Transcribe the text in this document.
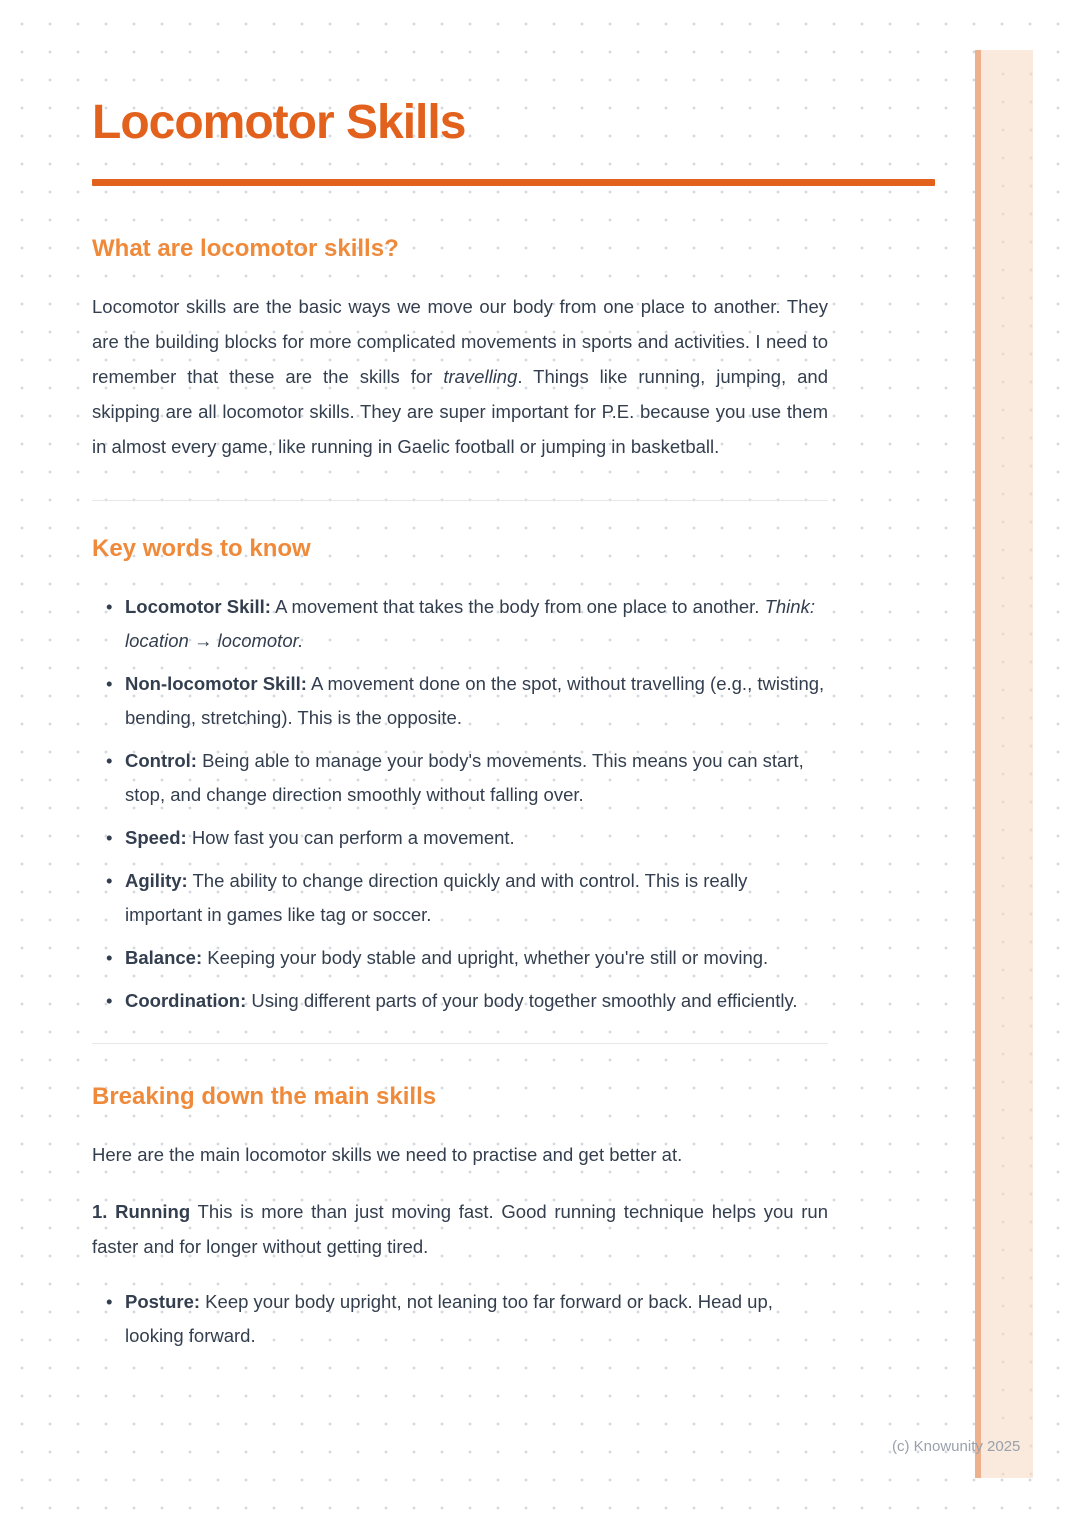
Locomotor Skills
What are locomotor skills?

Locomotor skills are the basic ways we move our body from one place to another. They are the building blocks for more complicated movements in sports and activities. I need to remember that these are the skills for travelling. Things like running, jumping, and skipping are all locomotor skills. They are super important for P.E. because you use them in almost every game, like running in Gaelic football or jumping in basketball.

Key words to know
• Locomotor Skill: A movement that takes the body from one place to another. Think: location → locomotor.
• Non-locomotor Skill: A movement done on the spot, without travelling (e.g., twisting, bending, stretching). This is the opposite.
• Control: Being able to manage your body's movements. This means you can start, stop, and change direction smoothly without falling over.
• Speed: How fast you can perform a movement.
• Agility: The ability to change direction quickly and with control. This is really important in games like tag or soccer.
• Balance: Keeping your body stable and upright, whether you're still or moving.
• Coordination: Using different parts of your body together smoothly and efficiently.
Breaking down the main skills

Here are the main locomotor skills we need to practise and get better at.

1. Running This is more than just moving fast. Good running technique helps you run faster and for longer without getting tired.

• Posture: Keep your body upright, not leaning too far forward or back. Head up, looking forward.
(c) Knowunity 2025
